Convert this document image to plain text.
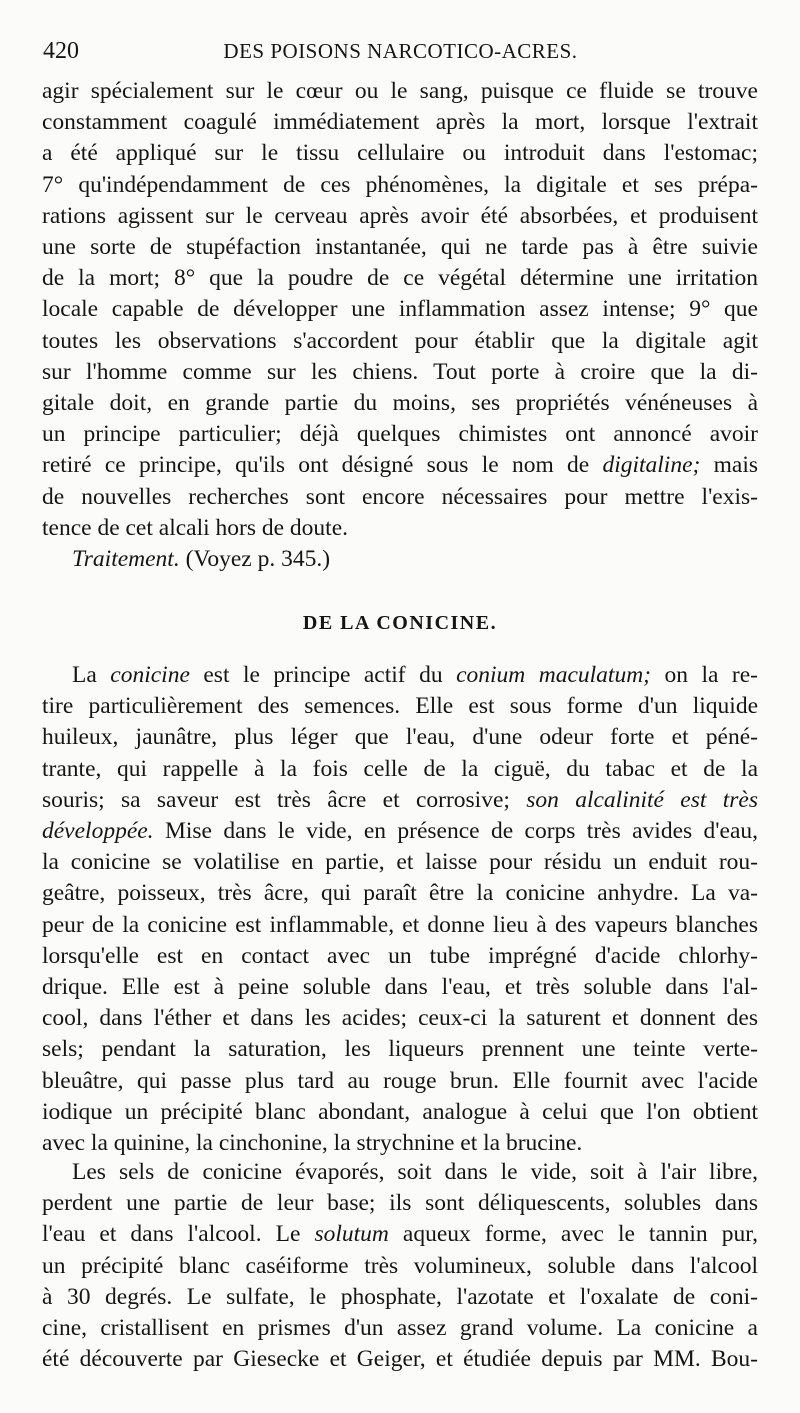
420	DES POISONS NARCOTICO-ACRES.
agir spécialement sur le cœur ou le sang, puisque ce fluide se trouve
constamment coagulé immédiatement après la mort, lorsque l'extrait
a été appliqué sur le tissu cellulaire ou introduit dans l'estomac;
7° qu'indépendamment de ces phénomènes, la digitale et ses prépa-
rations agissent sur le cerveau après avoir été absorbées, et produisent
une sorte de stupéfaction instantanée, qui ne tarde pas à être suivie
de la mort; 8° que la poudre de ce végétal détermine une irritation
locale capable de développer une inflammation assez intense; 9° que
toutes les observations s'accordent pour établir que la digitale agit
sur l'homme comme sur les chiens. Tout porte à croire que la di-
gitale doit, en grande partie du moins, ses propriétés vénéneuses à
un principe particulier; déjà quelques chimistes ont annoncé avoir
retiré ce principe, qu'ils ont désigné sous le nom de digitaline; mais
de nouvelles recherches sont encore nécessaires pour mettre l'exis-
tence de cet alcali hors de doute.
Traitement. (Voyez p. 345.)
DE LA CONICINE.
La conicine est le principe actif du conium maculatum; on la re-
tire particulièrement des semences. Elle est sous forme d'un liquide
huileux, jaunâtre, plus léger que l'eau, d'une odeur forte et péné-
trante, qui rappelle à la fois celle de la ciguë, du tabac et de la
souris; sa saveur est très âcre et corrosive; son alcalinité est très
développée. Mise dans le vide, en présence de corps très avides d'eau,
la conicine se volatilise en partie, et laisse pour résidu un enduit rou-
geâtre, poisseux, très âcre, qui paraît être la conicine anhydre. La va-
peur de la conicine est inflammable, et donne lieu à des vapeurs blanches
lorsqu'elle est en contact avec un tube imprégné d'acide chlorhy-
drique. Elle est à peine soluble dans l'eau, et très soluble dans l'al-
cool, dans l'éther et dans les acides; ceux-ci la saturent et donnent des
sels; pendant la saturation, les liqueurs prennent une teinte verte-
bleuâtre, qui passe plus tard au rouge brun. Elle fournit avec l'acide
iodique un précipité blanc abondant, analogue à celui que l'on obtient
avec la quinine, la cinchonine, la strychnine et la brucine.
Les sels de conicine évaporés, soit dans le vide, soit à l'air libre,
perdent une partie de leur base; ils sont déliquescents, solubles dans
l'eau et dans l'alcool. Le solutum aqueux forme, avec le tannin pur,
un précipité blanc caséiforme très volumineux, soluble dans l'alcool
à 30 degrés. Le sulfate, le phosphate, l'azotate et l'oxalate de coni-
cine, cristallisent en prismes d'un assez grand volume. La conicine a
été découverte par Giesecke et Geiger, et étudiée depuis par MM. Bou-
